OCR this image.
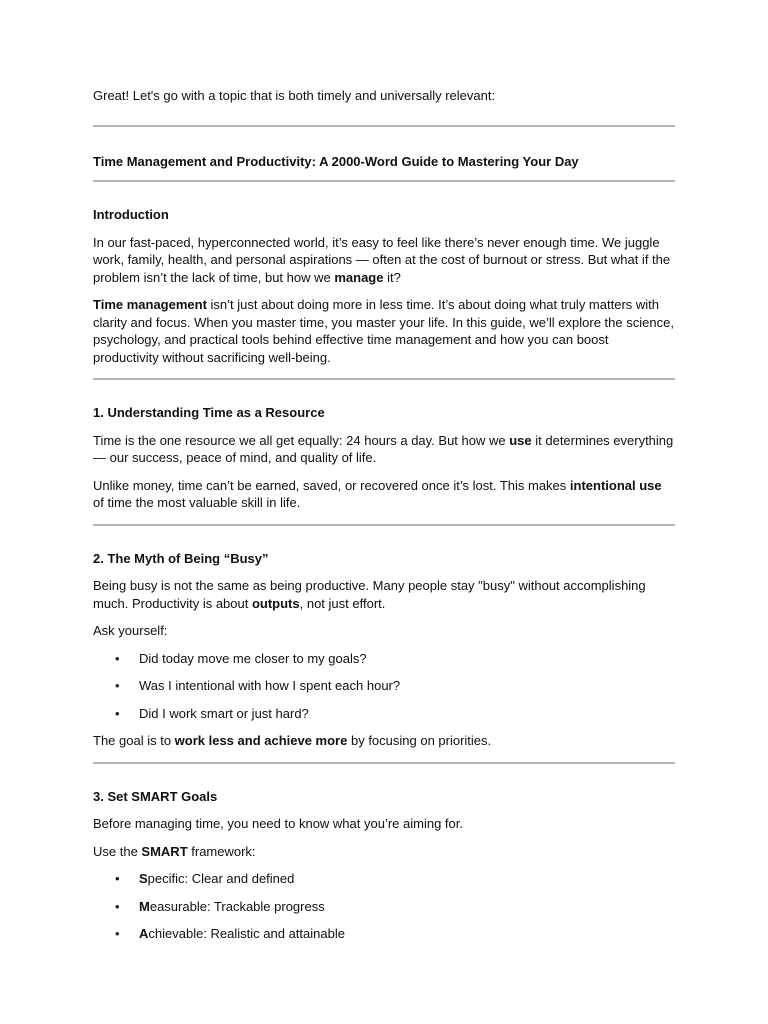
Great! Let's go with a topic that is both timely and universally relevant:

Time Management and Productivity: A 2000-Word Guide to Mastering Your Day

Introduction

In our fast-paced, hyperconnected world, it’s easy to feel like there’s never enough time. We juggle work, family, health, and personal aspirations — often at the cost of burnout or stress. But what if the problem isn’t the lack of time, but how we manage it?

Time management isn’t just about doing more in less time. It’s about doing what truly matters with clarity and focus. When you master time, you master your life. In this guide, we’ll explore the science, psychology, and practical tools behind effective time management and how you can boost productivity without sacrificing well-being.

1. Understanding Time as a Resource

Time is the one resource we all get equally: 24 hours a day. But how we use it determines everything — our success, peace of mind, and quality of life.

Unlike money, time can’t be earned, saved, or recovered once it’s lost. This makes intentional use of time the most valuable skill in life.

2. The Myth of Being “Busy”

Being busy is not the same as being productive. Many people stay "busy" without accomplishing much. Productivity is about outputs, not just effort.

Ask yourself:

• Did today move me closer to my goals?
• Was I intentional with how I spent each hour?
• Did I work smart or just hard?

The goal is to work less and achieve more by focusing on priorities.

3. Set SMART Goals

Before managing time, you need to know what you’re aiming for.

Use the SMART framework:

• Specific: Clear and defined
• Measurable: Trackable progress
• Achievable: Realistic and attainable
